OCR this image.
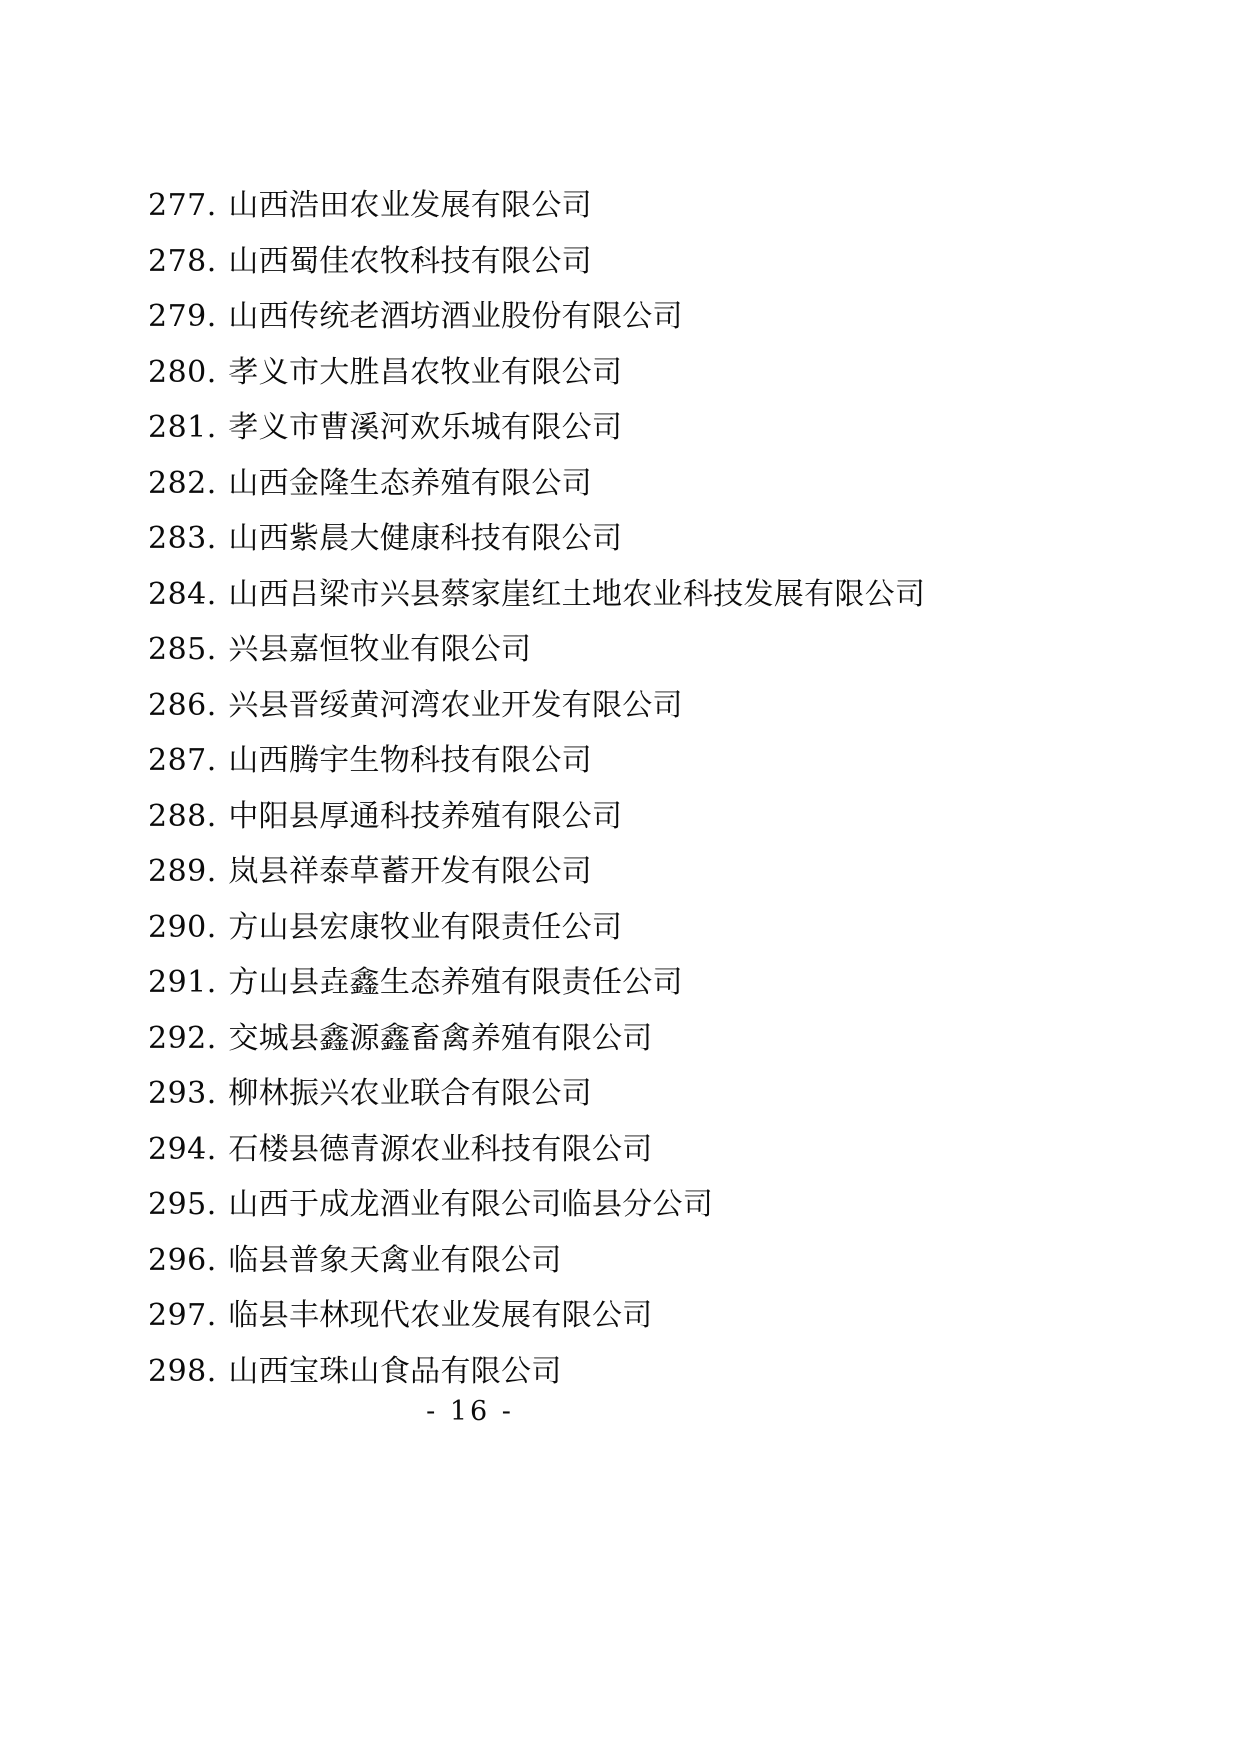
277. 山西浩田农业发展有限公司
278. 山西蜀佳农牧科技有限公司
279. 山西传统老酒坊酒业股份有限公司
280. 孝义市大胜昌农牧业有限公司
281. 孝义市曹溪河欢乐城有限公司
282. 山西金隆生态养殖有限公司
283. 山西紫晨大健康科技有限公司
284. 山西吕梁市兴县蔡家崖红土地农业科技发展有限公司
285. 兴县嘉恒牧业有限公司
286. 兴县晋绥黄河湾农业开发有限公司
287. 山西腾宇生物科技有限公司
288. 中阳县厚通科技养殖有限公司
289. 岚县祥泰草蓄开发有限公司
290. 方山县宏康牧业有限责任公司
291. 方山县垚鑫生态养殖有限责任公司
292. 交城县鑫源鑫畜禽养殖有限公司
293. 柳林振兴农业联合有限公司
294. 石楼县德青源农业科技有限公司
295. 山西于成龙酒业有限公司临县分公司
296. 临县普象天禽业有限公司
297. 临县丰林现代农业发展有限公司
298. 山西宝珠山食品有限公司
- 16 -
